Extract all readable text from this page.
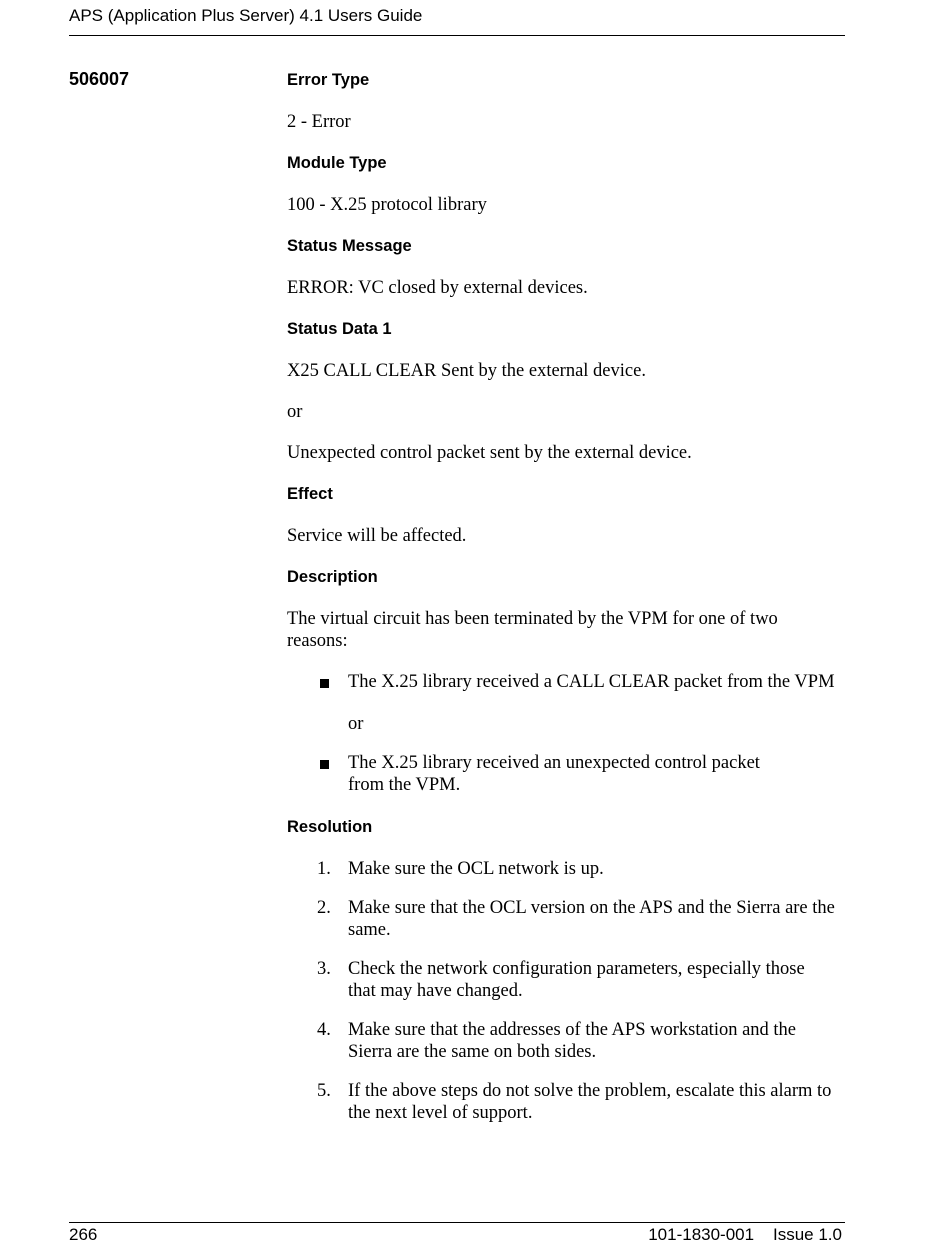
APS (Application Plus Server) 4.1 Users Guide
506007	Error Type

2 - Error

Module Type

100 - X.25 protocol library

Status Message

ERROR: VC closed by external devices.

Status Data 1

X25 CALL CLEAR Sent by the external device.

or

Unexpected control packet sent by the external device.

Effect

Service will be affected.

Description

The virtual circuit has been terminated by the VPM for one of two reasons:

The X.25 library received a CALL CLEAR packet from the VPM

or

The X.25 library received an unexpected control packet from the VPM.
Resolution
1. Make sure the OCL network is up.
2. Make sure that the OCL version on the APS and the Sierra are the same.
3. Check the network configuration parameters, especially those that may have changed.
4. Make sure that the addresses of the APS workstation and the Sierra are the same on both sides.
5. If the above steps do not solve the problem, escalate this alarm to the next level of support.
266	101-1830-001 Issue 1.0
